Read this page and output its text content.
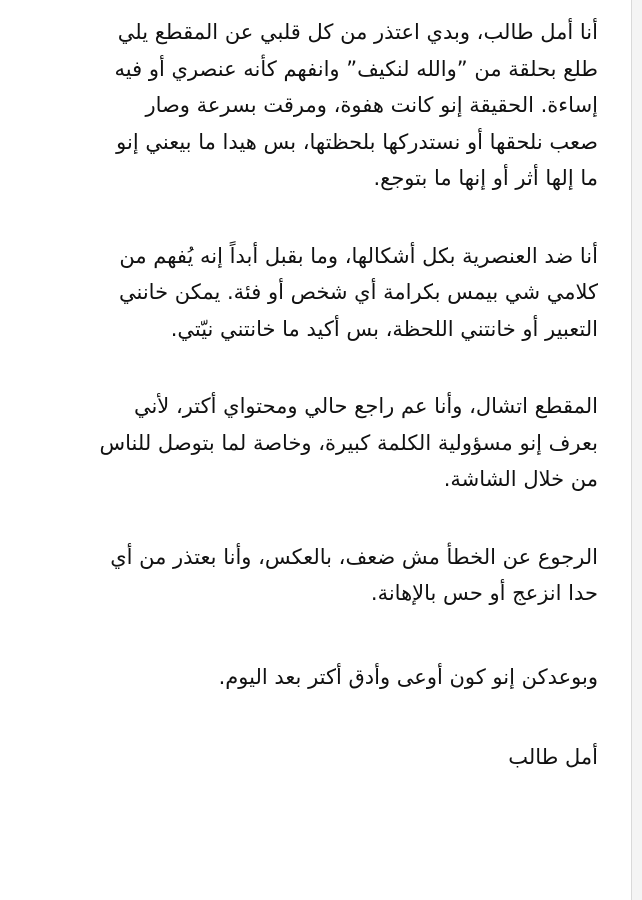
أنا أمل طالب، وبدي اعتذر من كل قلبي عن المقطع يلي
طلع بحلقة من ”والله لنكيف” وانفهم كأنه عنصري أو فيه
إساءة. الحقيقة إنو كانت هفوة، ومرقت بسرعة وصار
صعب نلحقها أو نستدركها بلحظتها، بس هيدا ما بيعني إنو
ما إلها أثر أو إنها ما بتوجع.

أنا ضد العنصرية بكل أشكالها، وما بقبل أبداً إنه يُفهم من
كلامي شي بيمس بكرامة أي شخص أو فئة. يمكن خانني
التعبير أو خانتني اللحظة، بس أكيد ما خانتني نيّتي.

المقطع اتشال، وأنا عم راجع حالي ومحتواي أكتر، لأني
بعرف إنو مسؤولية الكلمة كبيرة، وخاصة لما بتوصل للناس
من خلال الشاشة.

الرجوع عن الخطأ مش ضعف، بالعكس، وأنا بعتذر من أي
حدا انزعج أو حس بالإهانة.

وبوعدكن إنو كون أوعى وأدق أكتر بعد اليوم.

أمل طالب
